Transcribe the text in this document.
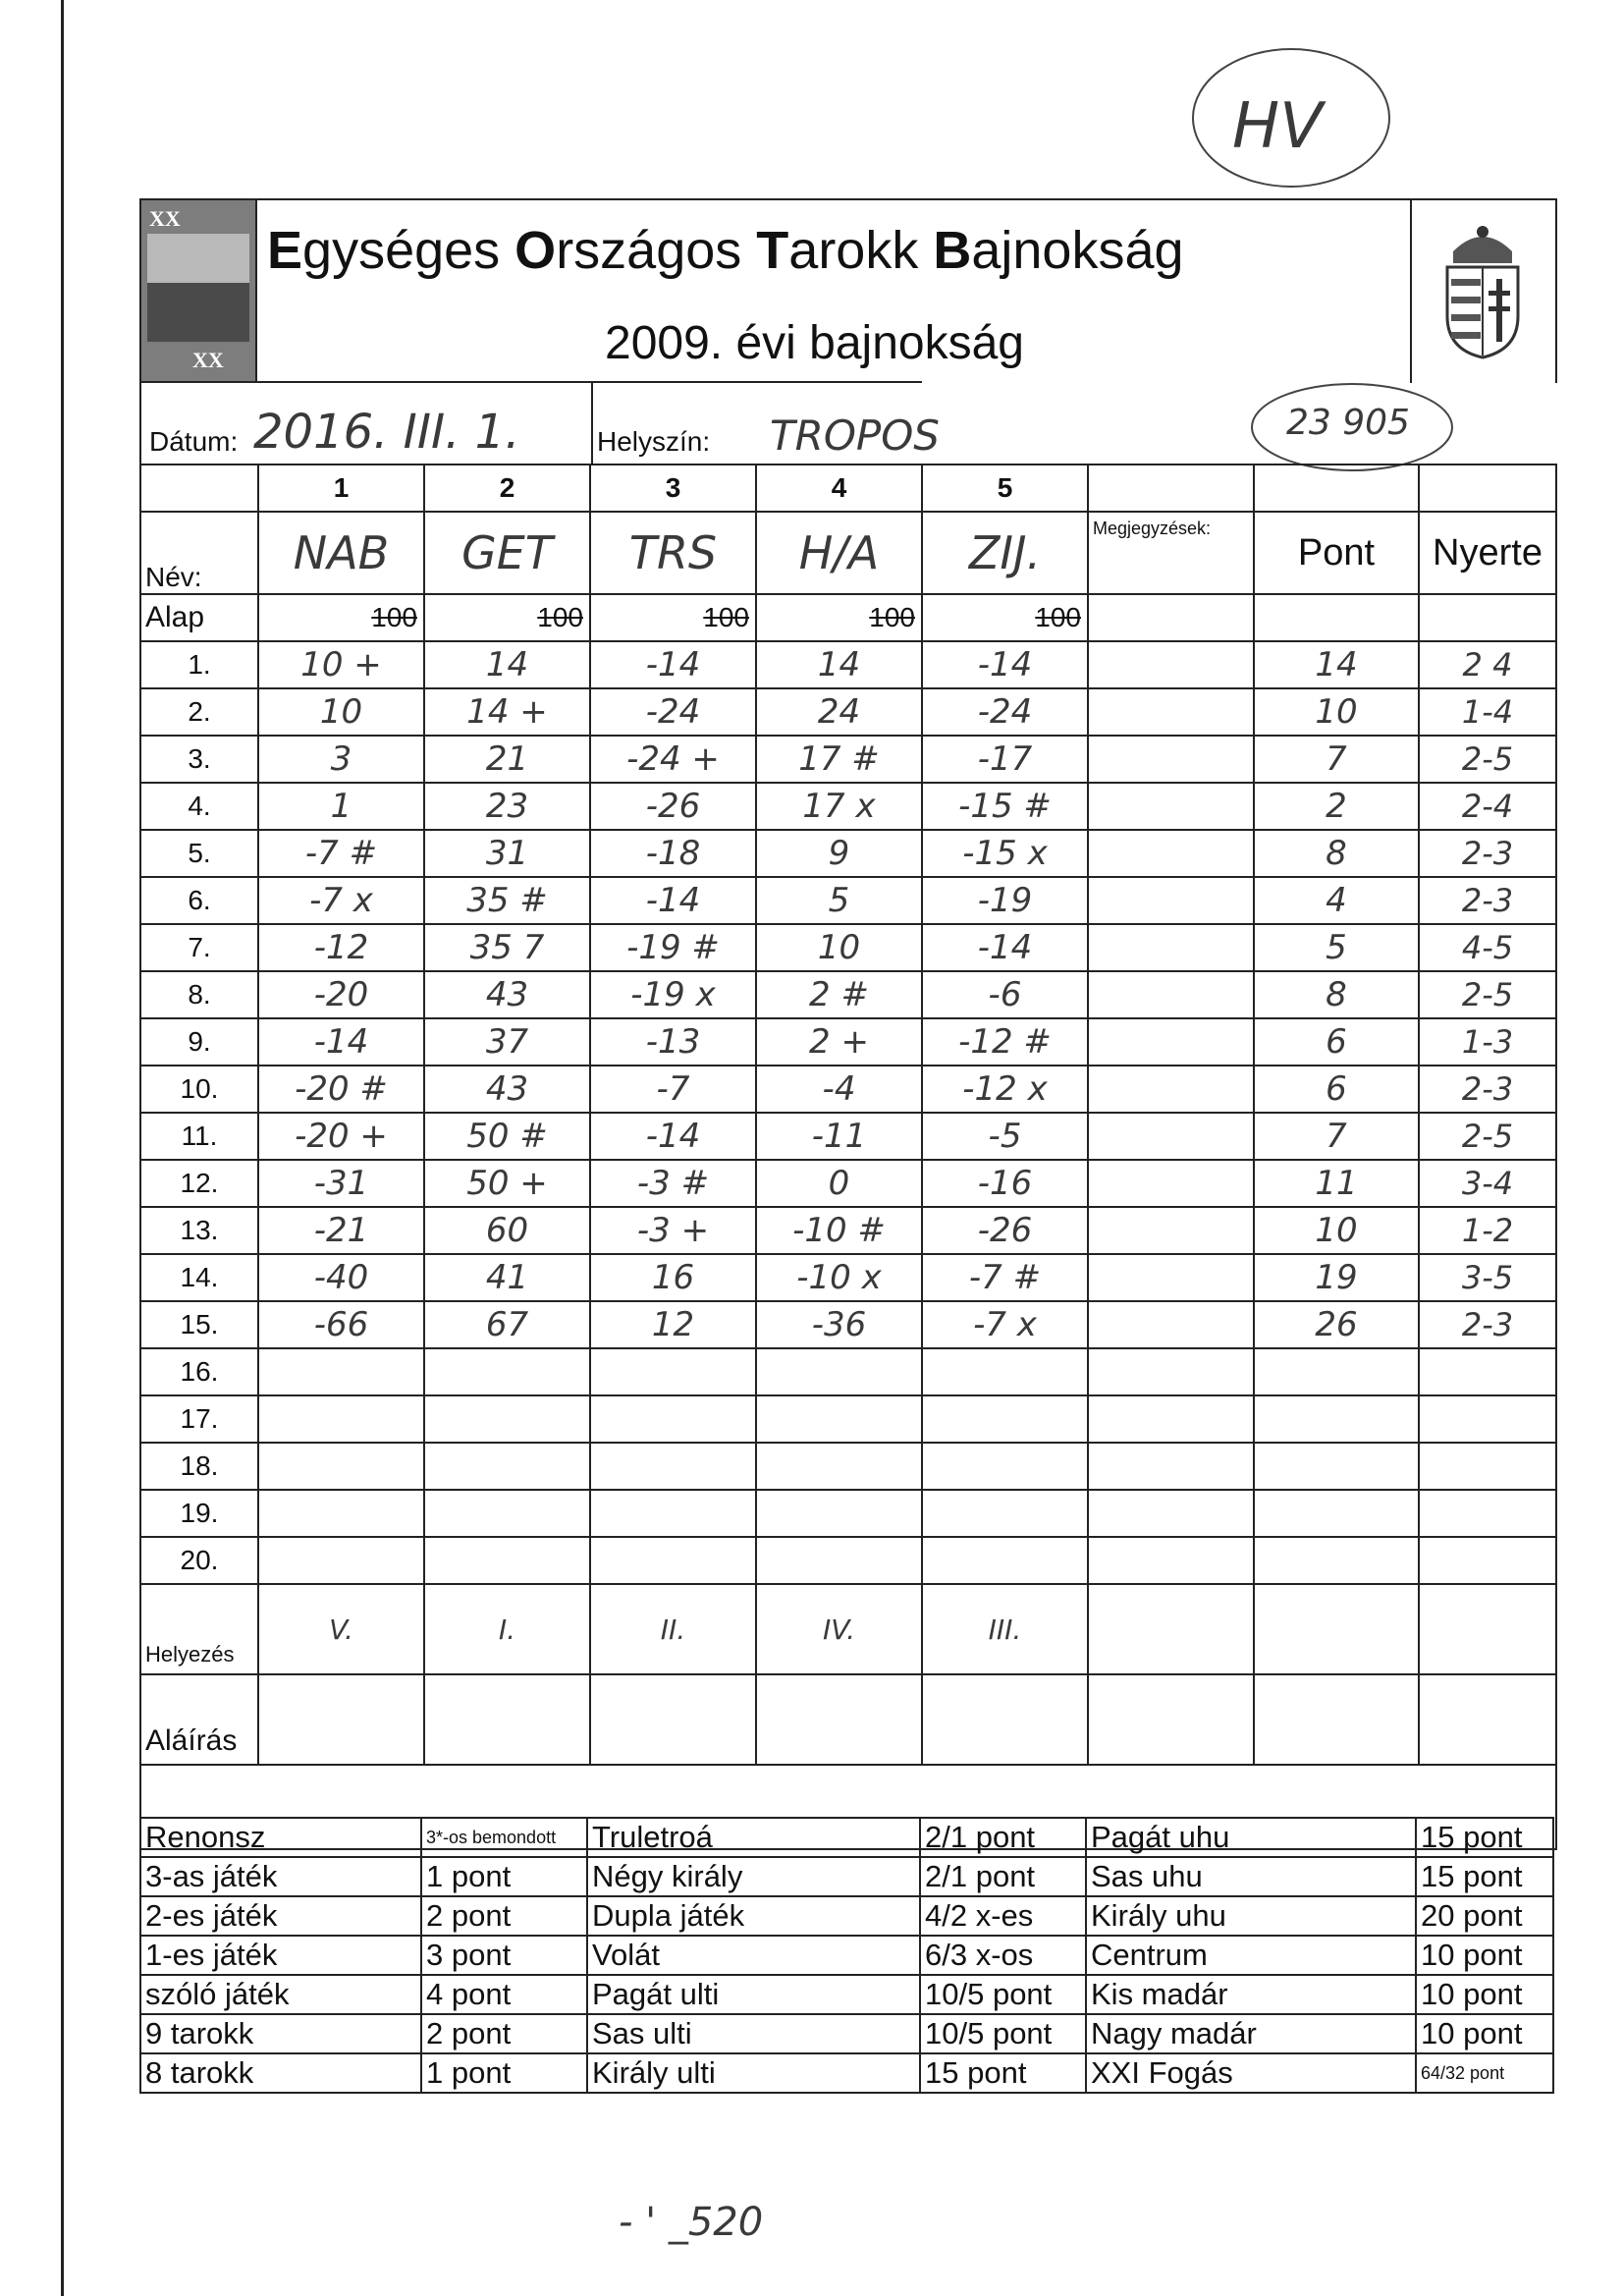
HV
23 905
XX
XX
Egységes Országos Tarokk Bajnokság
2009. évi bajnokság
Dátum: 2016. III. 1. Helyszín: TROPOS								

	1	2	3	4	5			
Név:	NAB	GET	TRS	H/A	ZIJ.	Megjegyzések:	Pont	Nyerte
Alap	100	100	100	100	100			
1.	10 +	14	-14	14	-14		14	2 4
2.	10	14 +	-24	24	-24		10	1-4
3.	3	21	-24 +	17 #	-17		7	2-5
4.	1	23	-26	17 x	-15 #		2	2-4
5.	-7 #	31	-18	9	-15 x		8	2-3
6.	-7 x	35 #	-14	5	-19		4	2-3
7.	-12	35 7	-19 #	10	-14		5	4-5
8.	-20	43	-19 x	2 #	-6		8	2-5
9.	-14	37	-13	2 +	-12 #		6	1-3
10.	-20 #	43	-7	-4	-12 x		6	2-3
11.	-20 +	50 #	-14	-11	-5		7	2-5
12.	-31	50 +	-3 #	0	-16		11	3-4
13.	-21	60	-3 +	-10 #	-26		10	1-2
14.	-40	41	16	-10 x	-7 #		19	3-5
15.	-66	67	12	-36	-7 x		26	2-3
16.								
17.								
18.								
19.								
20.								
Helyezés	V.	I.	II.	IV.	III.			
Aláírás								

Renonsz	3*-os bemondott	Truletroá	2/1 pont	Pagát uhu	15 pont
3-as játék	1 pont	Négy király	2/1 pont	Sas uhu	15 pont
2-es játék	2 pont	Dupla játék	4/2 x-es	Király uhu	20 pont
1-es játék	3 pont	Volát	6/3 x-os	Centrum	10 pont
szóló játék	4 pont	Pagát ulti	10/5 pont	Kis madár	10 pont
9 tarokk	2 pont	Sas ulti	10/5 pont	Nagy madár	10 pont
8 tarokk	1 pont	Király ulti	15 pont	XXI Fogás	64/32 pont
- ' _520
